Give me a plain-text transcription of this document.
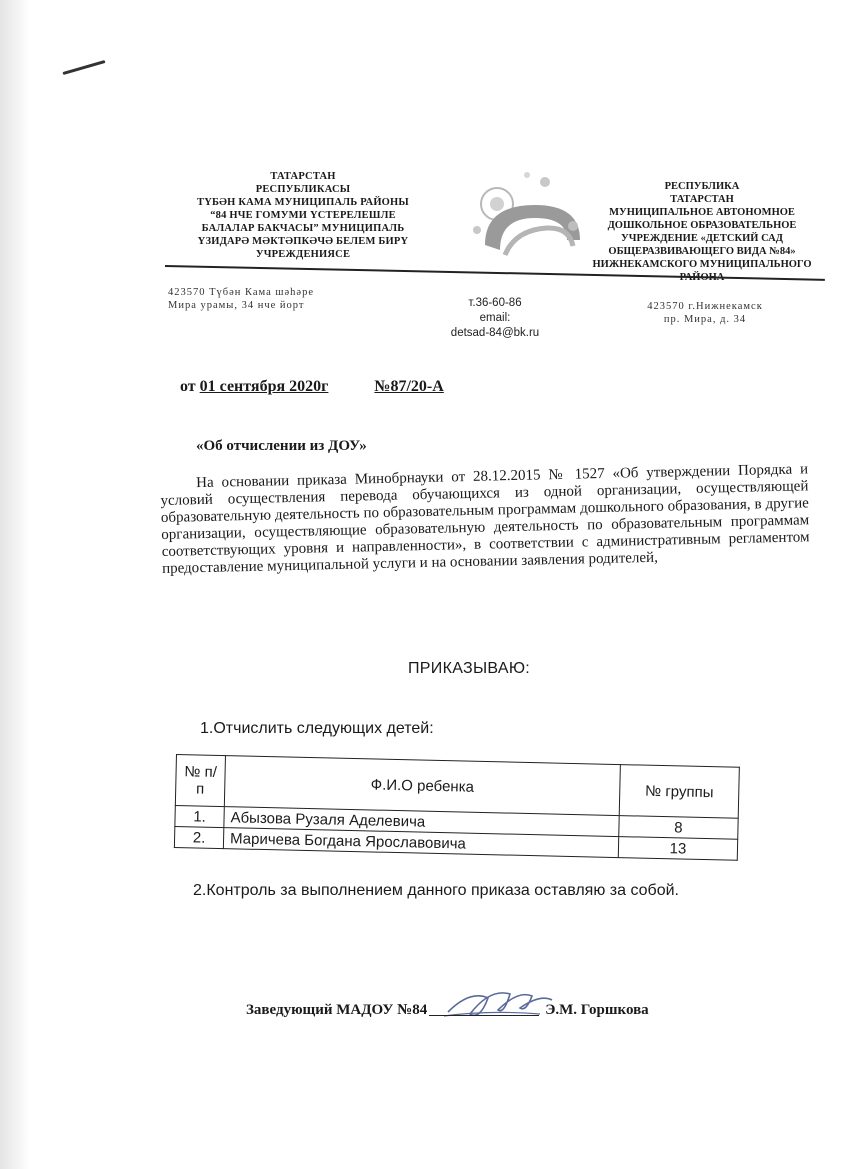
ТАТАРСТАН
РЕСПУБЛИКАСЫ
ТҮБӘН КАМА МУНИЦИПАЛЬ РАЙОНЫ
“84 НЧЕ ГОМУМИ ҮСТЕРЕЛЕШЛЕ
БАЛАЛАР БАКЧАСЫ” МУНИЦИПАЛЬ
ҮЗИДАРӘ МӘКТӘПКӘЧӘ БЕЛЕМ БИРҮ
УЧРЕЖДЕНИЯСЕ
РЕСПУБЛИКА
ТАТАРСТАН
МУНИЦИПАЛЬНОЕ АВТОНОМНОЕ
ДОШКОЛЬНОЕ ОБРАЗОВАТЕЛЬНОЕ
УЧРЕЖДЕНИЕ «ДЕТСКИЙ САД
ОБЩЕРАЗВИВАЮЩЕГО ВИДА №84»
НИЖНЕКАМСКОГО МУНИЦИПАЛЬНОГО
РАЙОНА
423570 Түбән Кама шәһәре
Мира урамы, 34 нче йорт	т.36-60-86
email:
detsad-84@bk.ru
423570 г.Нижнекамск
пр. Мира, д. 34
от 01 сентября 2020г	№87/20-А
«Об отчислении из ДОУ»
На основании приказа Минобрнауки от 28.12.2015 № 1527 «Об утверждении Порядка и условий осуществления перевода обучающихся из одной организации, осуществляющей образовательную деятельность по образовательным программам дошкольного образования, в другие организации, осуществляющие образовательную деятельность по образовательным программам соответствующих уровня и направленности», в соответствии с административным регламентом предоставление муниципальной услуги и на основании заявления родителей,
ПРИКАЗЫВАЮ:
1.Отчислить следующих детей:
№ п/п	Ф.И.О ребенка	№ группы
1.	Абызова Рузаля Аделевича	8
2.	Маричева Богдана Ярославовича	13
2.Контроль за выполнением данного приказа оставляю за собой.
Заведующий МАДОУ №84	Э.М. Горшкова
